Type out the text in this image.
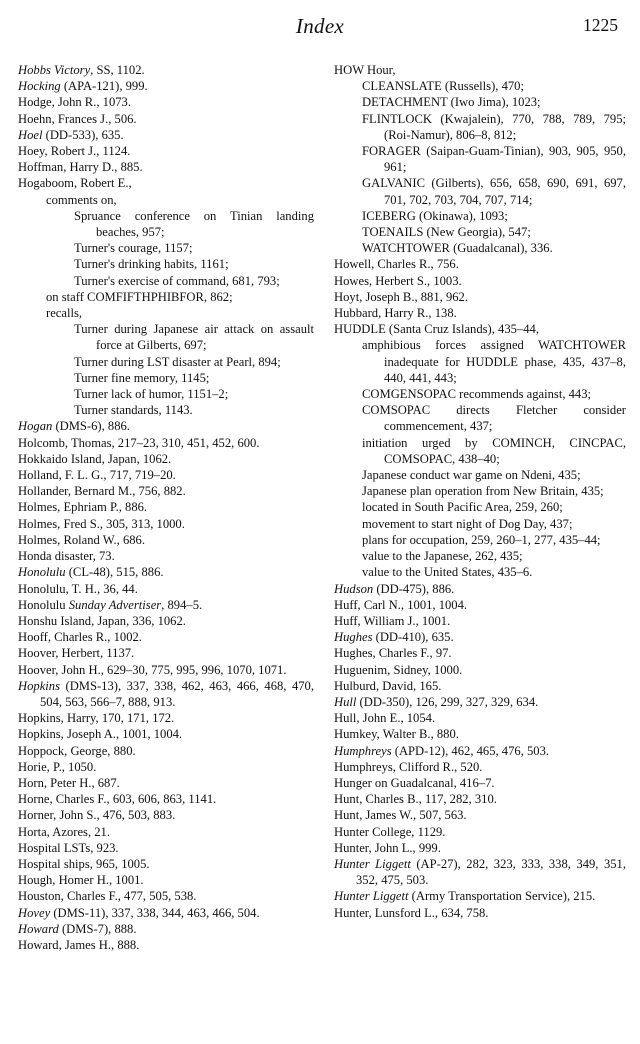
Index	1225
Hobbs Victory, SS, 1102.
Hocking (APA-121), 999.
Hodge, John R., 1073.
Hoehn, Frances J., 506.
Hoel (DD-533), 635.
Hoey, Robert J., 1124.
Hoffman, Harry D., 885.
Hogaboom, Robert E.,
comments on,
Spruance conference on Tinian landing beaches, 957;
Turner's courage, 1157;
Turner's drinking habits, 1161;
Turner's exercise of command, 681, 793;
on staff COMFIFTHPHIBFOR, 862;
recalls,
Turner during Japanese air attack on assault force at Gilberts, 697;
Turner during LST disaster at Pearl, 894;
Turner fine memory, 1145;
Turner lack of humor, 1151–2;
Turner standards, 1143.
Hogan (DMS-6), 886.
Holcomb, Thomas, 217–23, 310, 451, 452, 600.
Hokkaido Island, Japan, 1062.
Holland, F. L. G., 717, 719–20.
Hollander, Bernard M., 756, 882.
Holmes, Ephriam P., 886.
Holmes, Fred S., 305, 313, 1000.
Holmes, Roland W., 686.
Honda disaster, 73.
Honolulu (CL-48), 515, 886.
Honolulu, T. H., 36, 44.
Honolulu Sunday Advertiser, 894–5.
Honshu Island, Japan, 336, 1062.
Hooff, Charles R., 1002.
Hoover, Herbert, 1137.
Hoover, John H., 629–30, 775, 995, 996, 1070, 1071.
Hopkins (DMS-13), 337, 338, 462, 463, 466, 468, 470, 504, 563, 566–7, 888, 913.
Hopkins, Harry, 170, 171, 172.
Hopkins, Joseph A., 1001, 1004.
Hoppock, George, 880.
Horie, P., 1050.
Horn, Peter H., 687.
Horne, Charles F., 603, 606, 863, 1141.
Horner, John S., 476, 503, 883.
Horta, Azores, 21.
Hospital LSTs, 923.
Hospital ships, 965, 1005.
Hough, Homer H., 1001.
Houston, Charles F., 477, 505, 538.
Hovey (DMS-11), 337, 338, 344, 463, 466, 504.
Howard (DMS-7), 888.
Howard, James H., 888.
HOW Hour,
CLEANSLATE (Russells), 470;
DETACHMENT (Iwo Jima), 1023;
FLINTLOCK (Kwajalein), 770, 788, 789, 795; (Roi-Namur), 806–8, 812;
FORAGER (Saipan-Guam-Tinian), 903, 905, 950, 961;
GALVANIC (Gilberts), 656, 658, 690, 691, 697, 701, 702, 703, 704, 707, 714;
ICEBERG (Okinawa), 1093;
TOENAILS (New Georgia), 547;
WATCHTOWER (Guadalcanal), 336.
Howell, Charles R., 756.
Howes, Herbert S., 1003.
Hoyt, Joseph B., 881, 962.
Hubbard, Harry R., 138.
HUDDLE (Santa Cruz Islands), 435–44,
amphibious forces assigned WATCHTOWER inadequate for HUDDLE phase, 435, 437–8, 440, 441, 443;
COMGENSOPAC recommends against, 443;
COMSOPAC directs Fletcher consider commencement, 437;
initiation urged by COMINCH, CINCPAC, COMSOPAC, 438–40;
Japanese conduct war game on Ndeni, 435;
Japanese plan operation from New Britain, 435;
located in South Pacific Area, 259, 260;
movement to start night of Dog Day, 437;
plans for occupation, 259, 260–1, 277, 435–44;
value to the Japanese, 262, 435;
value to the United States, 435–6.
Hudson (DD-475), 886.
Huff, Carl N., 1001, 1004.
Huff, William J., 1001.
Hughes (DD-410), 635.
Hughes, Charles F., 97.
Huguenim, Sidney, 1000.
Hulburd, David, 165.
Hull (DD-350), 126, 299, 327, 329, 634.
Hull, John E., 1054.
Humkey, Walter B., 880.
Humphreys (APD-12), 462, 465, 476, 503.
Humphreys, Clifford R., 520.
Hunger on Guadalcanal, 416–7.
Hunt, Charles B., 117, 282, 310.
Hunt, James W., 507, 563.
Hunter College, 1129.
Hunter, John L., 999.
Hunter Liggett (AP-27), 282, 323, 333, 338, 349, 351, 352, 475, 503.
Hunter Liggett (Army Transportation Service), 215.
Hunter, Lunsford L., 634, 758.
